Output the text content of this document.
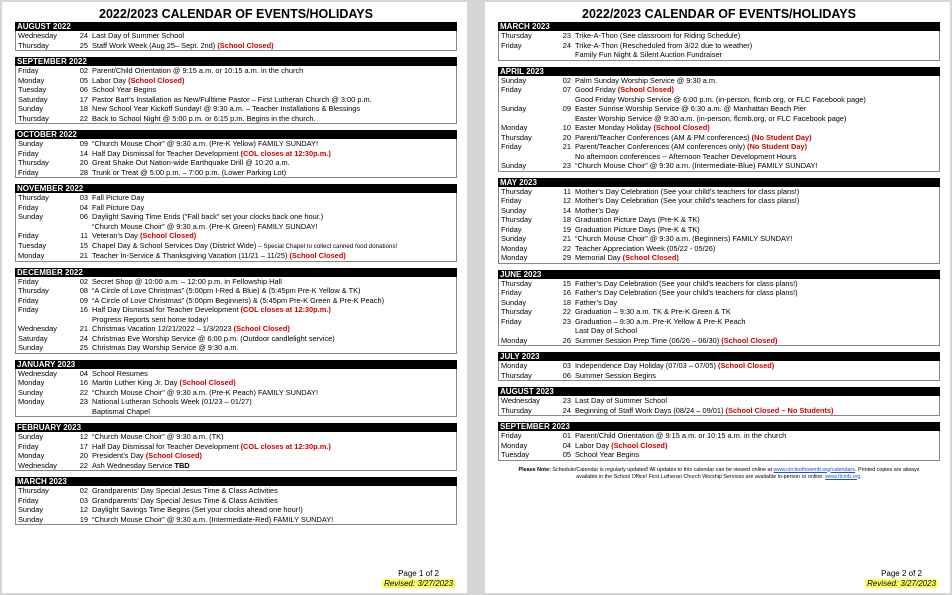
2022/2023 CALENDAR OF EVENTS/HOLIDAYS
AUGUST 2022
Wednesday	24 Last Day of Summer School
Thursday	25 Staff Work Week (Aug 25– Sept. 2nd) (School Closed)
SEPTEMBER 2022
Friday	02 Parent/Child Orientation @ 9:15 a.m. or 10:15 a.m. in the church
Monday	05 Labor Day (School Closed)
Tuesday	06 School Year Begins
Saturday	17 Pastor Bart’s Installation as New/Fulltime Pastor – First Lutheran Church @ 3:00 p.m.
Sunday	18 New School Year Kickoff Sunday! @ 9:30 a.m. – Teacher Installations & Blessings
Thursday	22 Back to School Night @ 5:00 p.m. or 6:15 p.m. Begins in the church.
OCTOBER 2022
Sunday	09 “Church Mouse Choir” @ 9:30 a.m. (Pre-K Yellow) FAMILY SUNDAY!
Friday	14 Half Day Dismissal for Teacher Development (COL closes at 12:30p.m.)
Thursday	20 Great Shake Out Nation-wide Earthquake Drill @ 10:20 a.m.
Friday	28 Trunk or Treat @ 5:00 p.m. – 7:00 p.m. (Lower Parking Lot)
NOVEMBER 2022
Thursday	03 Fall Picture Day
Friday	04 Fall Picture Day
Sunday	06 Daylight Saving Time Ends (“Fall back” set your clocks back one hour.)
“Church Mouse Choir” @ 9:30 a.m. (Pre-K Green) FAMILY SUNDAY!
Friday	11 Veteran’s Day (School Closed)
Tuesday	15 Chapel Day & School Services Day (District Wide) – Special Chapel to collect canned food donations!
Monday	21 Teacher In-Service & Thanksgiving Vacation (11/21 – 11/25) (School Closed)
DECEMBER 2022
Friday	02 Secret Shop @ 10:00 a.m. – 12:00 p.m. in Fellowship Hall
Thursday	08 “A Circle of Love Christmas” (5:00pm I-Red & Blue) & (5:45pm Pre-K Yellow & TK)
Friday	09 “A Circle of Love Christmas” (5:00pm Beginners) & (5:45pm Pre-K Green & Pre-K Peach)
Friday	16 Half Day Dismissal for Teacher Development (COL closes at 12:30p.m.)
Progress Reports sent home today!
Wednesday	21 Christmas Vacation 12/21/2022 – 1/3/2023 (School Closed)
Saturday	24 Christmas Eve Worship Service @ 6:00 p.m. (Outdoor candlelight service)
Sunday	25 Christmas Day Worship Service @ 9:30 a.m.
JANUARY 2023
Wednesday	04 School Resumes
Monday	16 Martin Luther King Jr. Day (School Closed)
Sunday	22 “Church Mouse Choir” @ 9:30 a.m. (Pre-K Peach) FAMILY SUNDAY!
Monday	23 National Lutheran Schools Week (01/23 – 01/27)
Baptismal Chapel
FEBRUARY 2023
Sunday	12 “Church Mouse Choir” @ 9:30 a.m. (TK)
Friday	17 Half Day Dismissal for Teacher Development (COL closes at 12:30p.m.)
Monday	20 President’s Day (School Closed)
Wednesday	22 Ash Wednesday Service TBD
MARCH 2023
Thursday	02 Grandparents’ Day Special Jesus Time & Class Activities
Friday	03 Grandparents’ Day Special Jesus Time & Class Activities
Sunday	12 Daylight Savings Time Begins (Set your clocks ahead one hour!)
Sunday	19 “Church Mouse Choir” @ 9:30 a.m. (Intermediate-Red) FAMILY SUNDAY!
Page 1 of 2
Revised: 3/27/2023
2022/2023 CALENDAR OF EVENTS/HOLIDAYS
MARCH 2023
Thursday	23 Trike-A-Thon (See classroom for Riding Schedule)
Friday	24 Trike-A-Thon (Rescheduled from 3/22 due to weather)
Family Fun Night & Silent Auction Fundraiser
APRIL 2023
Sunday	02 Palm Sunday Worship Service @ 9:30 a.m.
Friday	07 Good Friday (School Closed)
Good Friday Worship Service @ 6:00 p.m. (in-person, flcmb.org, or FLC Facebook page)
Sunday	09 Easter Sunrise Worship Service @ 6:30 a.m. @ Manhattan Beach Pier
Easter Worship Service @ 9:30 a.m. (in-person, flcmb.org, or FLC Facebook page)
Monday	10 Easter Monday Holiday (School Closed)
Thursday	20 Parent/Teacher Conferences (AM & PM conferences) (No Student Day)
Friday	21 Parent/Teacher Conferences (AM conferences only) (No Student Day)
No afternoon conferences -- Afternoon Teacher Development Hours
Sunday	23 “Church Mouse Choir” @ 9:30 a.m. (Intermediate-Blue) FAMILY SUNDAY!
MAY 2023
Thursday	11 Mother’s Day Celebration (See your child’s teachers for class plans!)
Friday	12 Mother’s Day Celebration (See your child’s teachers for class plans!)
Sunday	14 Mother’s Day
Thursday	18 Graduation Picture Days (Pre-K & TK)
Friday	19 Graduation Picture Days (Pre-K & TK)
Sunday	21 “Church Mouse Choir” @ 9:30 a.m. (Beginners) FAMILY SUNDAY!
Monday	22 Teacher Appreciation Week (05/22 - 05/26)
Monday	29 Memorial Day (School Closed)
JUNE 2023
Thursday	15 Father’s Day Celebration (See your child’s teachers for class plans!)
Friday	16 Father’s Day Celebration (See your child’s teachers for class plans!)
Sunday	18 Father’s Day
Thursday	22 Graduation – 9:30 a.m. TK & Pre-K Green & TK
Friday	23 Graduation – 9:30 a.m. Pre-K Yellow & Pre-K Peach
Last Day of School
Monday	26 Summer Session Prep Time (06/26 – 06/30) (School Closed)
JULY 2023
Monday	03 Independence Day Holiday (07/03 – 07/05) (School Closed)
Thursday	06 Summer Session Begins
AUGUST 2023
Wednesday	23 Last Day of Summer School
Thursday	24 Beginning of Staff Work Days (08/24 – 09/01) (School Closed – No Students)
SEPTEMBER 2023
Friday	01 Parent/Child Orientation @ 9:15 a.m. or 10:15 a.m. in the church
Monday	04 Labor Day (School Closed)
Tuesday	05 School Year Begins
Please Note: Schedule/Calendar is regularly updated! All updates to this calendar can be viewed online at www.circleoflovemb.org/calendars. Printed copies are always available in the School Office! First Lutheran Church Worship Services are available in-person or online: www.flcmb.org.
Page 2 of 2
Revised: 3/27/2023
